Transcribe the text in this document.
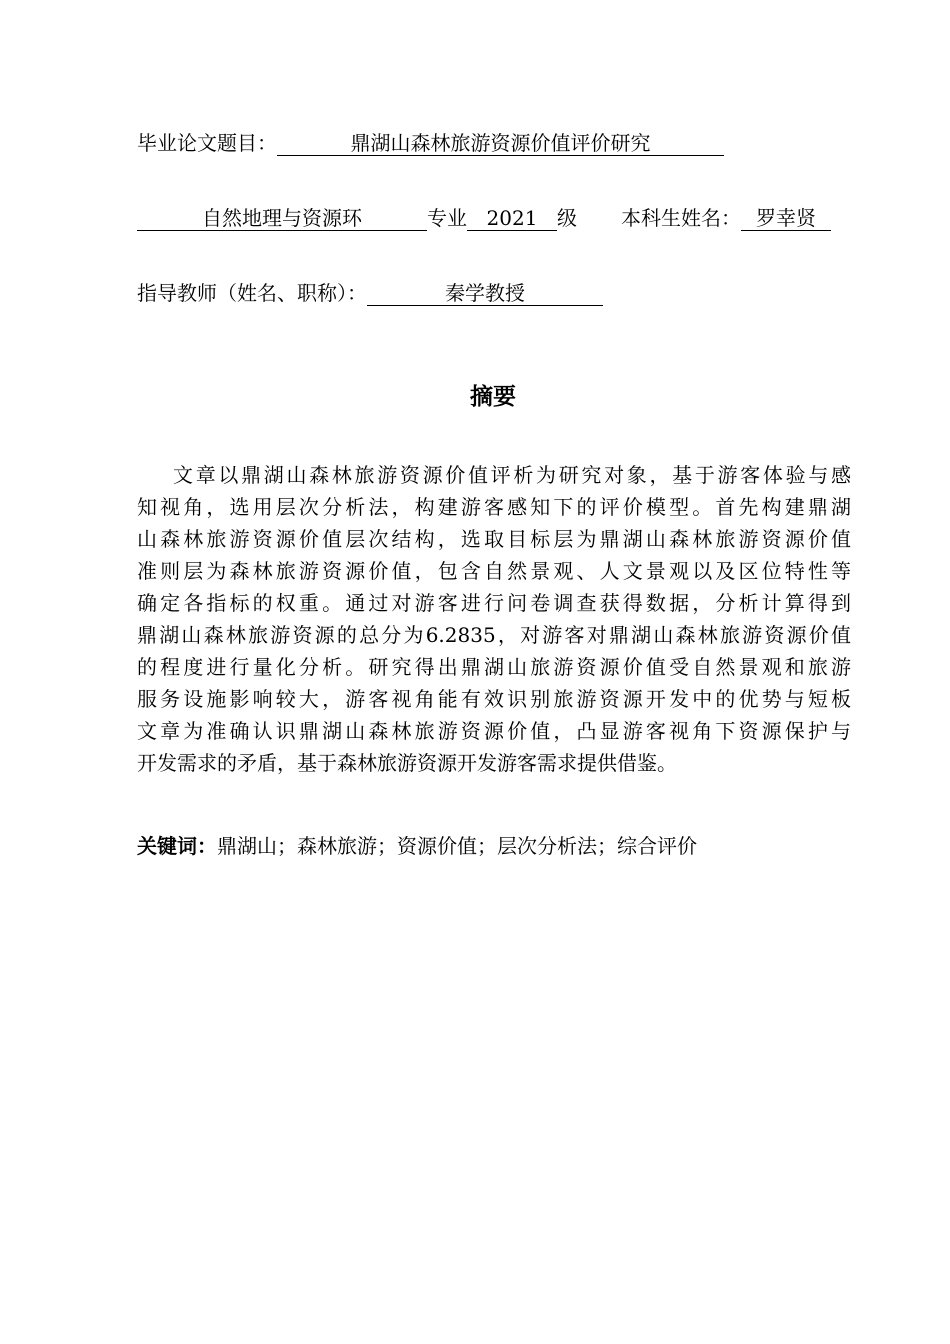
毕业论文题目：	鼎湖山森林旅游资源价值评价研究
自然地理与资源环	专业 2021 级 本科生姓名： 罗幸贤
指导教师（姓名、职称）：	秦学教授
摘要
文章以鼎湖山森林旅游资源价值评析为研究对象，基于游客体验与感
知视角，选用层次分析法，构建游客感知下的评价模型。首先构建鼎湖
山森林旅游资源价值层次结构，选取目标层为鼎湖山森林旅游资源价值
准则层为森林旅游资源价值，包含自然景观、人文景观以及区位特性等
确定各指标的权重。通过对游客进行问卷调查获得数据，分析计算得到
鼎湖山森林旅游资源的总分为6.2835，对游客对鼎湖山森林旅游资源价值
的程度进行量化分析。研究得出鼎湖山旅游资源价值受自然景观和旅游
服务设施影响较大，游客视角能有效识别旅游资源开发中的优势与短板
文章为准确认识鼎湖山森林旅游资源价值，凸显游客视角下资源保护与
开发需求的矛盾，基于森林旅游资源开发游客需求提供借鉴。
关键词：鼎湖山；森林旅游；资源价值；层次分析法；综合评价
